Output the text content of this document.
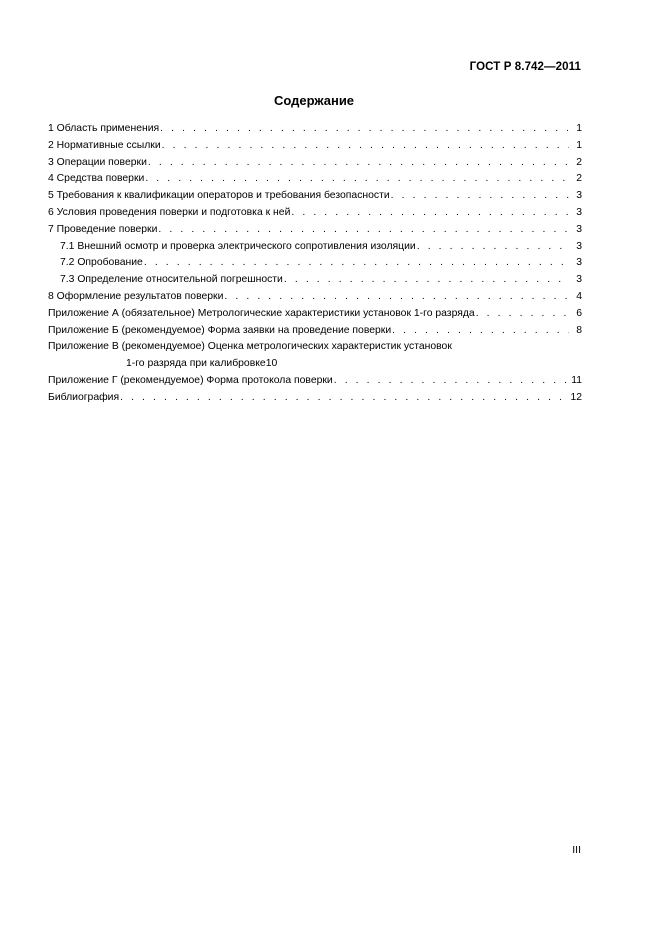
ГОСТ Р 8.742—2011
Содержание
1 Область применения . . .	1
2 Нормативные ссылки . . .	1
3 Операции поверки . . .	2
4 Средства поверки . . .	2
5 Требования к квалификации операторов и требования безопасности . . .	3
6 Условия проведения поверки и подготовка к ней . . .	3
7 Проведение поверки . . .	3
7.1 Внешний осмотр и проверка электрического сопротивления изоляции . . .	3
7.2 Опробование . . .	3
7.3 Определение относительной погрешности . . .	3
8 Оформление результатов поверки . . .	4
Приложение А (обязательное) Метрологические характеристики установок 1-го разряда . . .	6
Приложение Б (рекомендуемое) Форма заявки на проведение поверки . . .	8
Приложение В (рекомендуемое) Оценка метрологических характеристик установок
1-го разряда при калибровке 10
Приложение Г (рекомендуемое) Форма протокола поверки . . .	11
Библиография . . .	12
III
